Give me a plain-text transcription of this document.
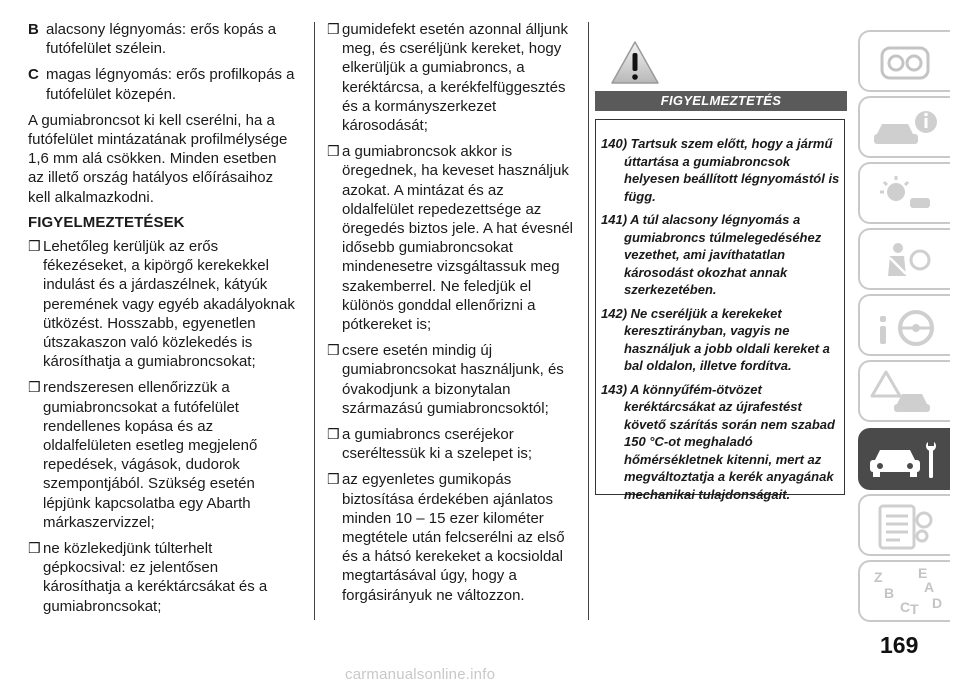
B alacsony légnyomás: erős kopás a futófelület szélein.
C magas légnyomás: erős profilkopás a futófelület közepén.

A gumiabroncsot ki kell cserélni, ha a futófelület mintázatának profilmélysége 1,6 mm alá csökken. Minden esetben az illető ország hatályos előírásaihoz kell alkalmazkodni.

FIGYELMEZTETÉSEK
❒ Lehetőleg kerüljük az erős fékezéseket, a kipörgő kerekekkel indulást és a járdaszélnek, kátyúk peremének vagy egyéb akadályoknak ütközést. Hosszabb, egyenetlen útszakaszon való közlekedés is károsíthatja a gumiabroncsokat;
❒ rendszeresen ellenőrizzük a gumiabroncsokat a futófelület rendellenes kopása és az oldalfelületen esetleg megjelenő repedések, vágások, dudorok szempontjából. Szükség esetén lépjünk kapcsolatba egy Abarth márkaszervizzel;
❒ ne közlekedjünk túlterhelt gépkocsival: ez jelentősen károsíthatja a keréktárcsákat és a gumiabroncsokat;
❒ gumidefekt esetén azonnal álljunk meg, és cseréljünk kereket, hogy elkerüljük a gumiabroncs, a keréktárcsa, a kerékfelfüggesztés és a kormányszerkezet károsodását;
❒ a gumiabroncsok akkor is öregednek, ha keveset használjuk azokat. A mintázat és az oldalfelület repedezettsége az öregedés biztos jele. A hat évesnél idősebb gumiabroncsokat mindenesetre vizsgáltassuk meg szakemberrel. Ne feledjük el különös gonddal ellenőrizni a pótkereket is;
❒ csere esetén mindig új gumiabroncsokat használjunk, és óvakodjunk a bizonytalan származású gumiabroncsoktól;
❒ a gumiabroncs cseréjekor cseréltessük ki a szelepet is;
❒ az egyenletes gumikopás biztosítása érdekében ajánlatos minden 10 – 15 ezer kilométer megtétele után felcserélni az első és a hátsó kerekeket a kocsioldal megtartásával úgy, hogy a forgásirányuk ne változzon.
FIGYELMEZTETÉS
140) Tartsuk szem előtt, hogy a jármű úttartása a gumiabroncsok helyesen beállított légnyomástól is függ.
141) A túl alacsony légnyomás a gumiabroncs túlmelegedéséhez vezethet, ami javíthatatlan károsodást okozhat annak szerkezetében.
142) Ne cseréljük a kerekeket keresztirányban, vagyis ne használjuk a jobb oldali kereket a bal oldalon, illetve fordítva.
143) A könnyűfém-ötvözet keréktárcsákat az újrafestést követő szárítás során nem szabad 150 °C-ot meghaladó hőmérsékletnek kitenni, mert az megváltoztatja a kerék anyagának mechanikai tulajdonságait.
Z	E
A
B
C T D
169
carmanualsonline.info
